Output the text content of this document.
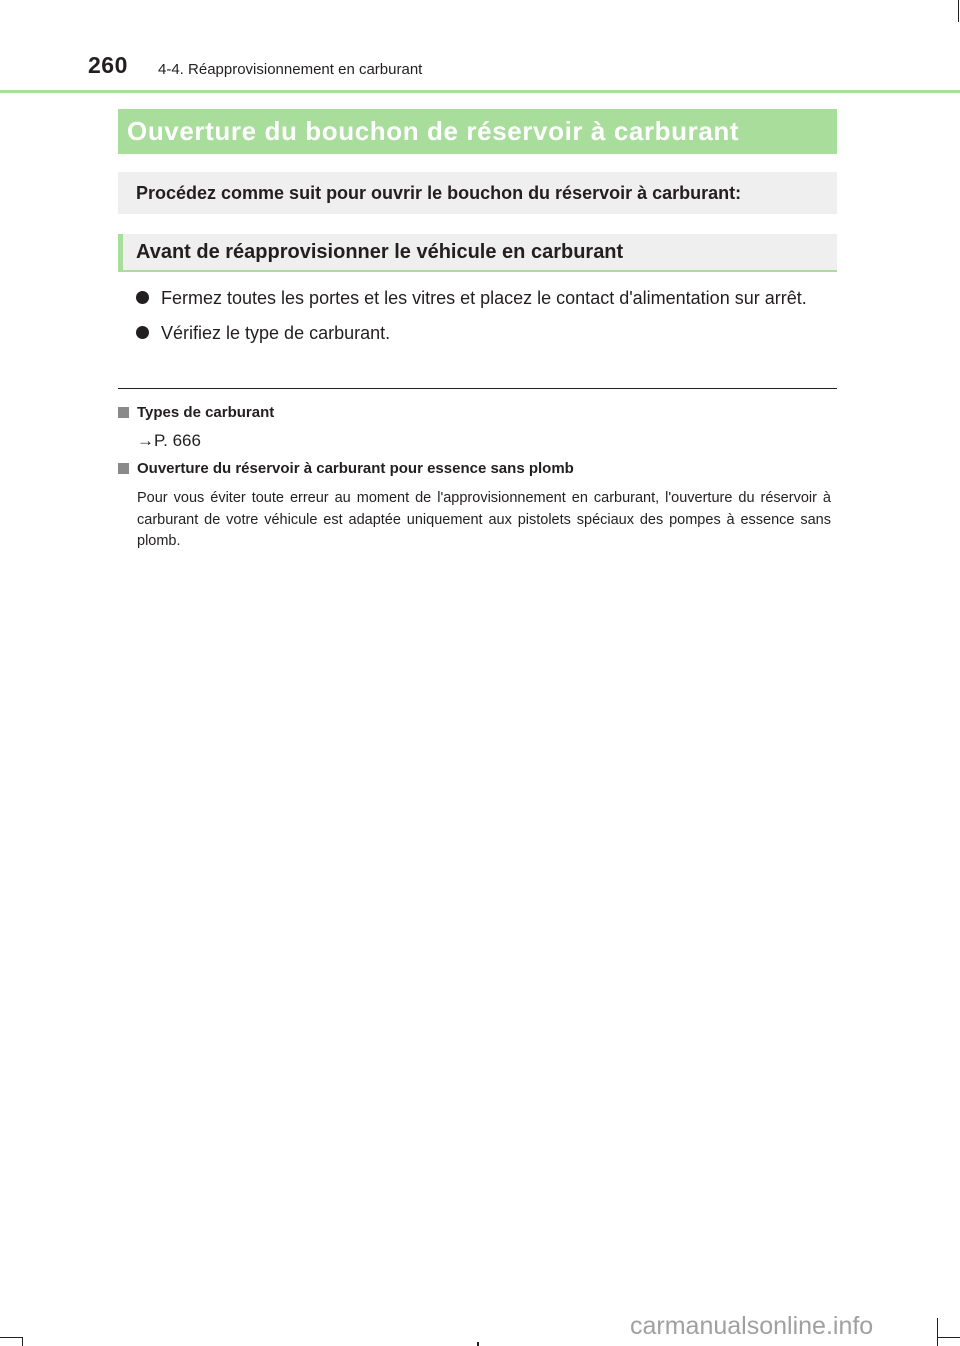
260 4-4. Réapprovisionnement en carburant
Ouverture du bouchon de réservoir à carburant
Procédez comme suit pour ouvrir le bouchon du réservoir à carburant:
Avant de réapprovisionner le véhicule en carburant
Fermez toutes les portes et les vitres et placez le contact d'alimentation sur arrêt.
Vérifiez le type de carburant.
Types de carburant
→P. 666
Ouverture du réservoir à carburant pour essence sans plomb
Pour vous éviter toute erreur au moment de l'approvisionnement en carburant, l'ouverture du réservoir à carburant de votre véhicule est adaptée uniquement aux pistolets spéciaux des pompes à essence sans plomb.
carmanualsonline.info
